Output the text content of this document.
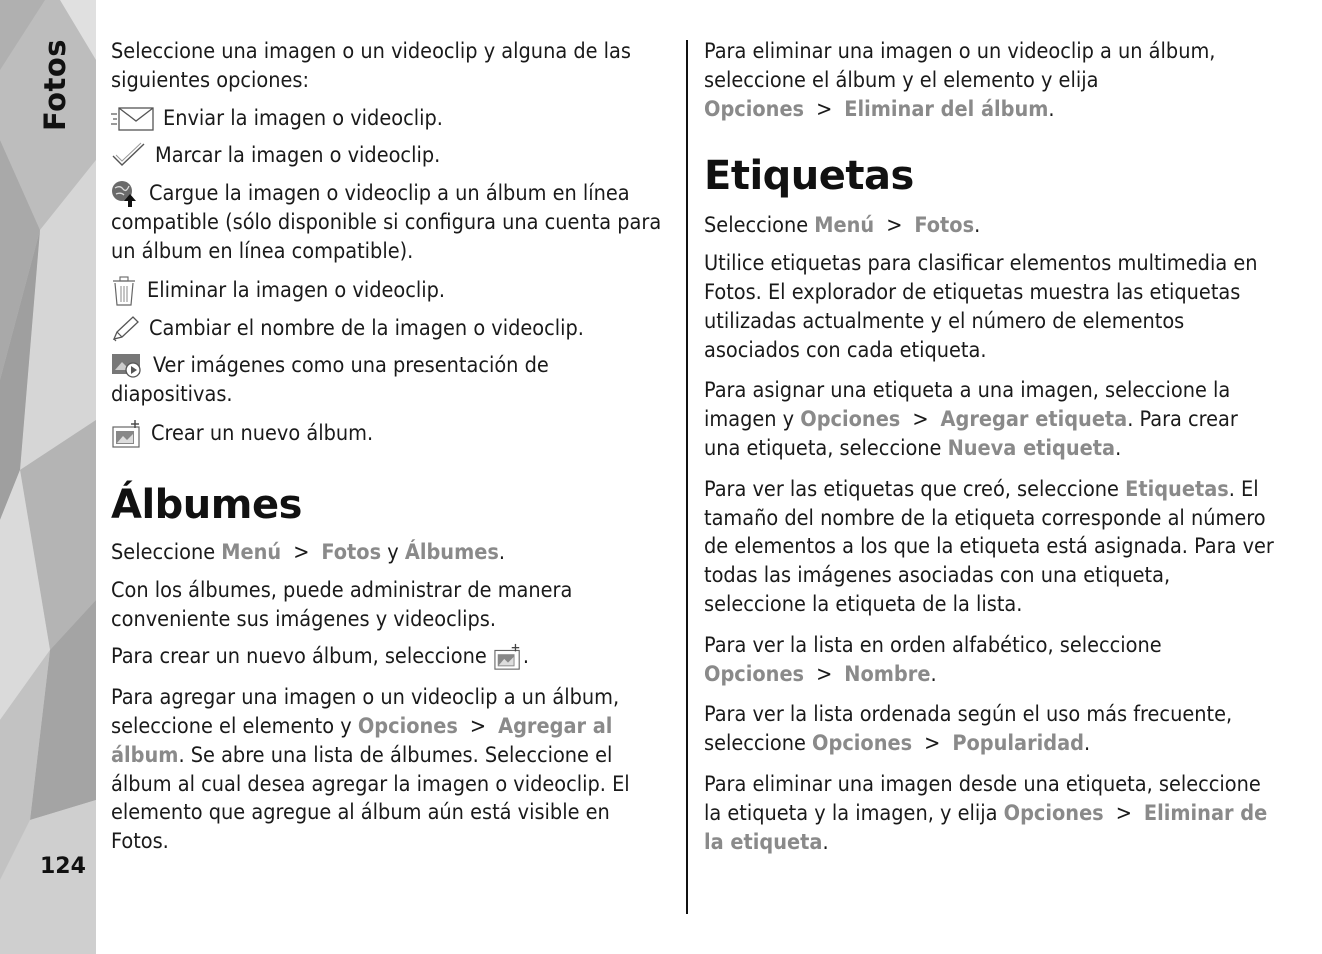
Fotos
124

Seleccione una imagen o un videoclip y alguna de las siguientes opciones:

Enviar la imagen o videoclip.
Marcar la imagen o videoclip.
Cargue la imagen o videoclip a un álbum en línea compatible (sólo disponible si configura una cuenta para un álbum en línea compatible).
Eliminar la imagen o videoclip.
Cambiar el nombre de la imagen o videoclip.
Ver imágenes como una presentación de diapositivas.
Crear un nuevo álbum.
Álbumes

Seleccione Menú > Fotos y Álbumes.

Con los álbumes, puede administrar de manera conveniente sus imágenes y videoclips.

Para crear un nuevo álbum, seleccione
.

Para agregar una imagen o un videoclip a un álbum, seleccione el elemento y Opciones > Agregar al álbum. Se abre una lista de álbumes. Seleccione el álbum al cual desea agregar la imagen o videoclip. El elemento que agregue al álbum aún está visible en Fotos.

Para eliminar una imagen o un videoclip a un álbum, seleccione el álbum y el elemento y elija Opciones > Eliminar del álbum.

Etiquetas

Seleccione Menú > Fotos.

Utilice etiquetas para clasificar elementos multimedia en Fotos. El explorador de etiquetas muestra las etiquetas utilizadas actualmente y el número de elementos asociados con cada etiqueta.

Para asignar una etiqueta a una imagen, seleccione la imagen y Opciones > Agregar etiqueta. Para crear una etiqueta, seleccione Nueva etiqueta.

Para ver las etiquetas que creó, seleccione Etiquetas. El tamaño del nombre de la etiqueta corresponde al número de elementos a los que la etiqueta está asignada. Para ver todas las imágenes asociadas con una etiqueta, seleccione la etiqueta de la lista.

Para ver la lista en orden alfabético, seleccione Opciones > Nombre.

Para ver la lista ordenada según el uso más frecuente, seleccione Opciones > Popularidad.

Para eliminar una imagen desde una etiqueta, seleccione la etiqueta y la imagen, y elija Opciones > Eliminar de la etiqueta.
